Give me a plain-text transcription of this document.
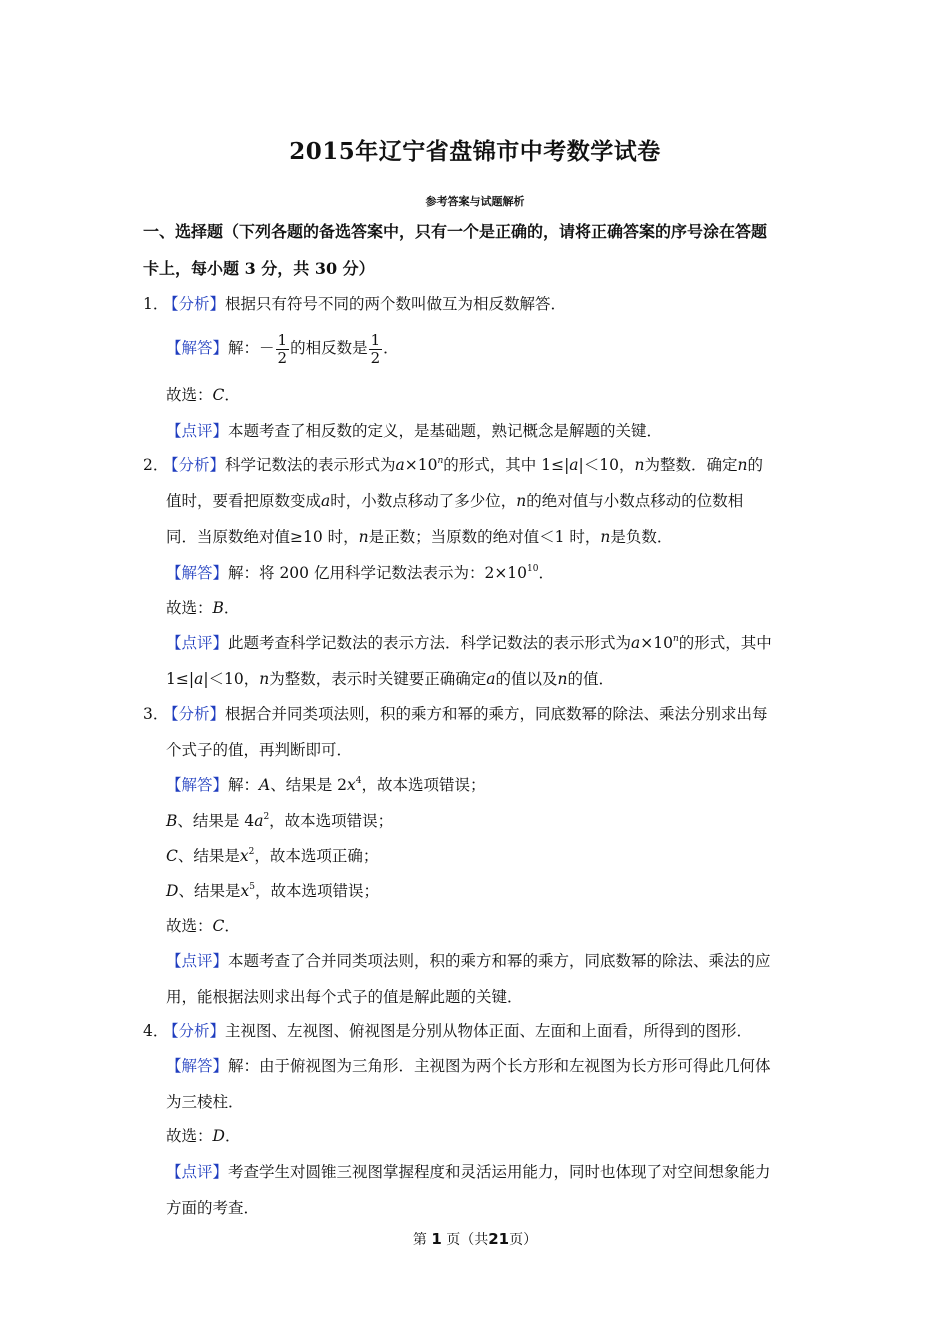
2015年辽宁省盘锦市中考数学试卷
参考答案与试题解析
一、选择题（下列各题的备选答案中，只有一个是正确的，请将正确答案的序号涂在答题
卡上，每小题 3 分，共 30 分）
1．【分析】根据只有符号不同的两个数叫做互为相反数解答．
【解答】解：－ $\frac{1}{2}$ 的相反数是 $\frac{1}{2}$ ．
故选：C．
【点评】本题考查了相反数的定义，是基础题，熟记概念是解题的关键．
2．【分析】科学记数法的表示形式为$a\times 10^n$的形式，其中 1≤|a|＜10，n为整数．确定n的
值时，要看把原数变成a时，小数点移动了多少位，n的绝对值与小数点移动的位数相
同．当原数绝对值≥10 时，n是正数；当原数的绝对值＜1 时，n是负数．
【解答】解：将 200 亿用科学记数法表示为：$2\times 10^{10}$．
故选：B．
【点评】此题考查科学记数法的表示方法．科学记数法的表示形式为$a\times 10^n$的形式，其中
1≤|a|＜10，n为整数，表示时关键要正确确定a的值以及n的值．
3．【分析】根据合并同类项法则，积的乘方和幂的乘方，同底数幂的除法、乘法分别求出每
个式子的值，再判断即可．
【解答】解：A、结果是 $2x^4$，故本选项错误；
B、结果是 $4a^2$，故本选项错误；
C、结果是$x^2$，故本选项正确；
D、结果是$x^5$，故本选项错误；
故选：C．
【点评】本题考查了合并同类项法则，积的乘方和幂的乘方，同底数幂的除法、乘法的应
用，能根据法则求出每个式子的值是解此题的关键．
4．【分析】主视图、左视图、俯视图是分别从物体正面、左面和上面看，所得到的图形．
【解答】解：由于俯视图为三角形．主视图为两个长方形和左视图为长方形可得此几何体
为三棱柱．
故选：D．
【点评】考查学生对圆锥三视图掌握程度和灵活运用能力，同时也体现了对空间想象能力
方面的考查．
第 1 页（共21页）
